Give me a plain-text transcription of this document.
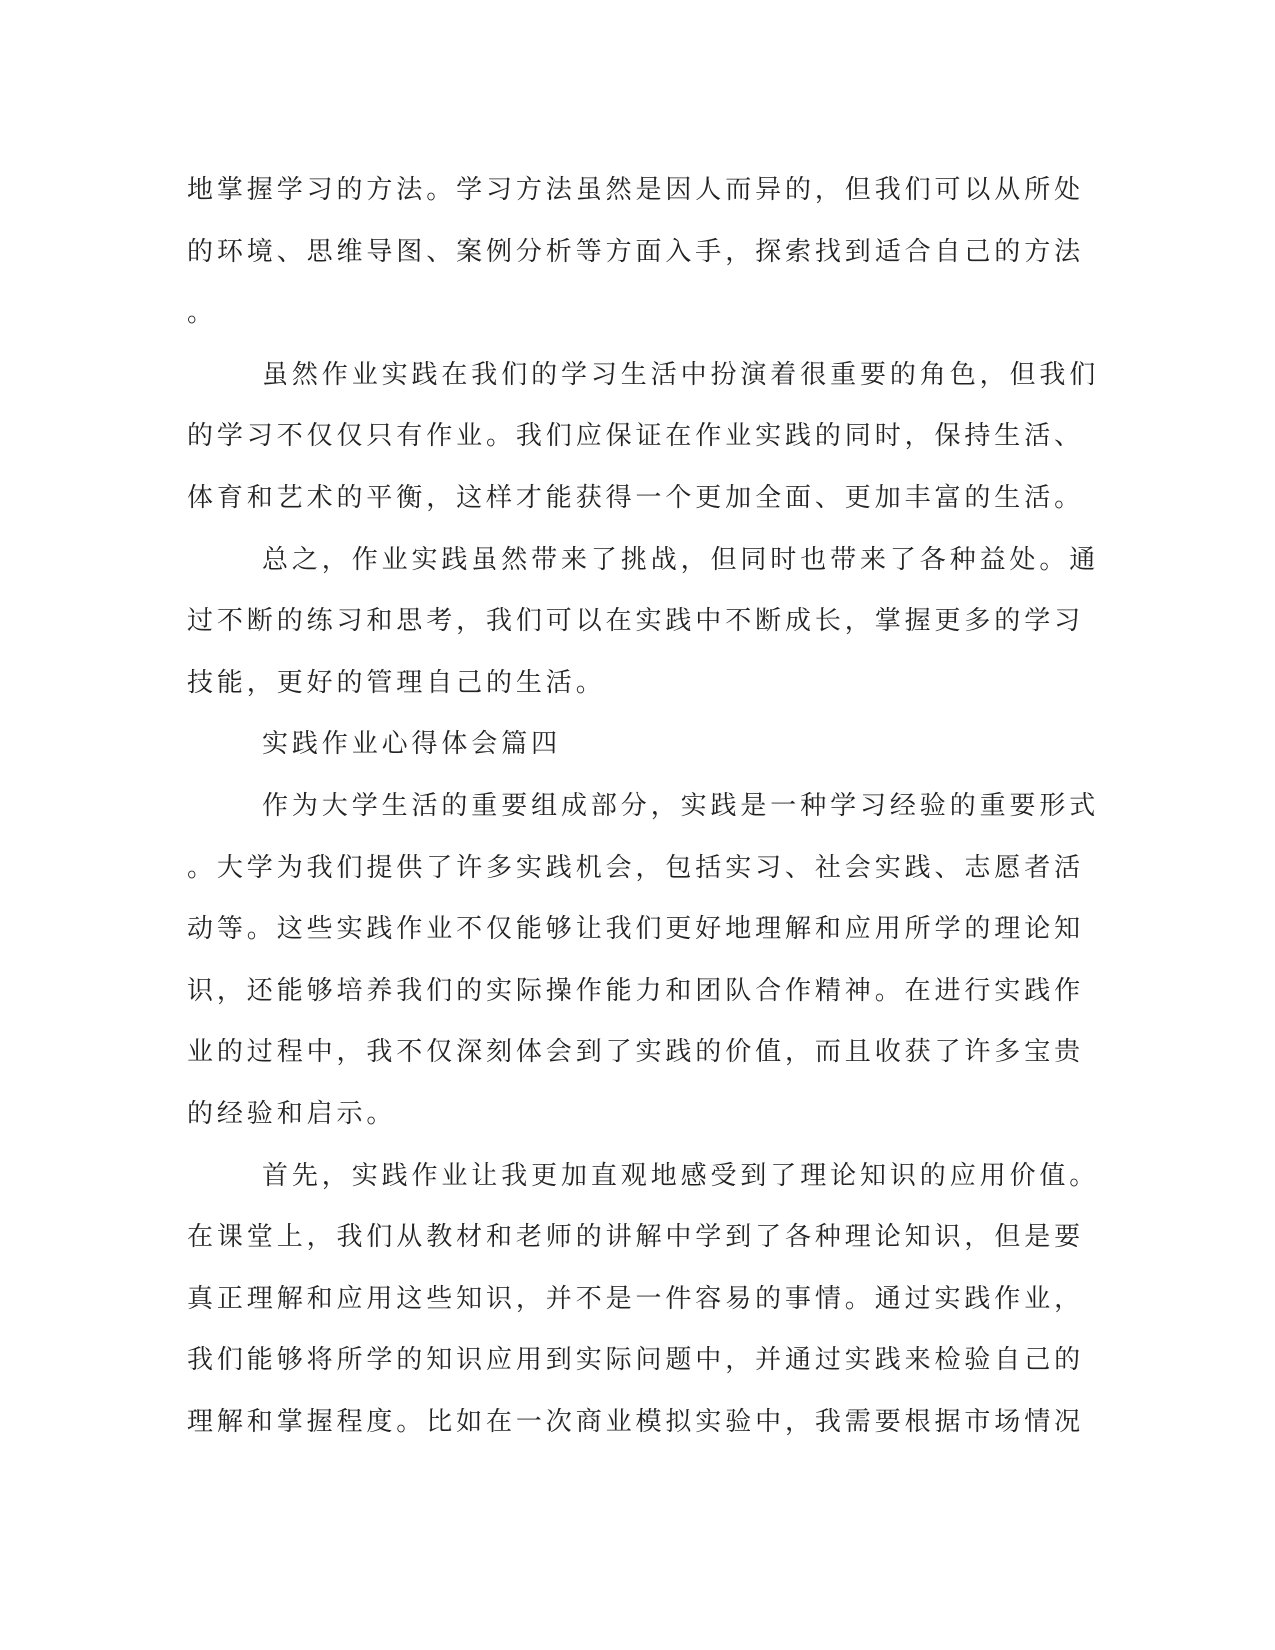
地掌握学习的方法。学习方法虽然是因人而异的，但我们可以从所处
的环境、思维导图、案例分析等方面入手，探索找到适合自己的方法
。
虽然作业实践在我们的学习生活中扮演着很重要的角色，但我们
的学习不仅仅只有作业。我们应保证在作业实践的同时，保持生活、
体育和艺术的平衡，这样才能获得一个更加全面、更加丰富的生活。
总之，作业实践虽然带来了挑战，但同时也带来了各种益处。通
过不断的练习和思考，我们可以在实践中不断成长，掌握更多的学习
技能，更好的管理自己的生活。
实践作业心得体会篇四
作为大学生活的重要组成部分，实践是一种学习经验的重要形式
。大学为我们提供了许多实践机会，包括实习、社会实践、志愿者活
动等。这些实践作业不仅能够让我们更好地理解和应用所学的理论知
识，还能够培养我们的实际操作能力和团队合作精神。在进行实践作
业的过程中，我不仅深刻体会到了实践的价值，而且收获了许多宝贵
的经验和启示。
首先，实践作业让我更加直观地感受到了理论知识的应用价值。
在课堂上，我们从教材和老师的讲解中学到了各种理论知识，但是要
真正理解和应用这些知识，并不是一件容易的事情。通过实践作业，
我们能够将所学的知识应用到实际问题中，并通过实践来检验自己的
理解和掌握程度。比如在一次商业模拟实验中，我需要根据市场情况
